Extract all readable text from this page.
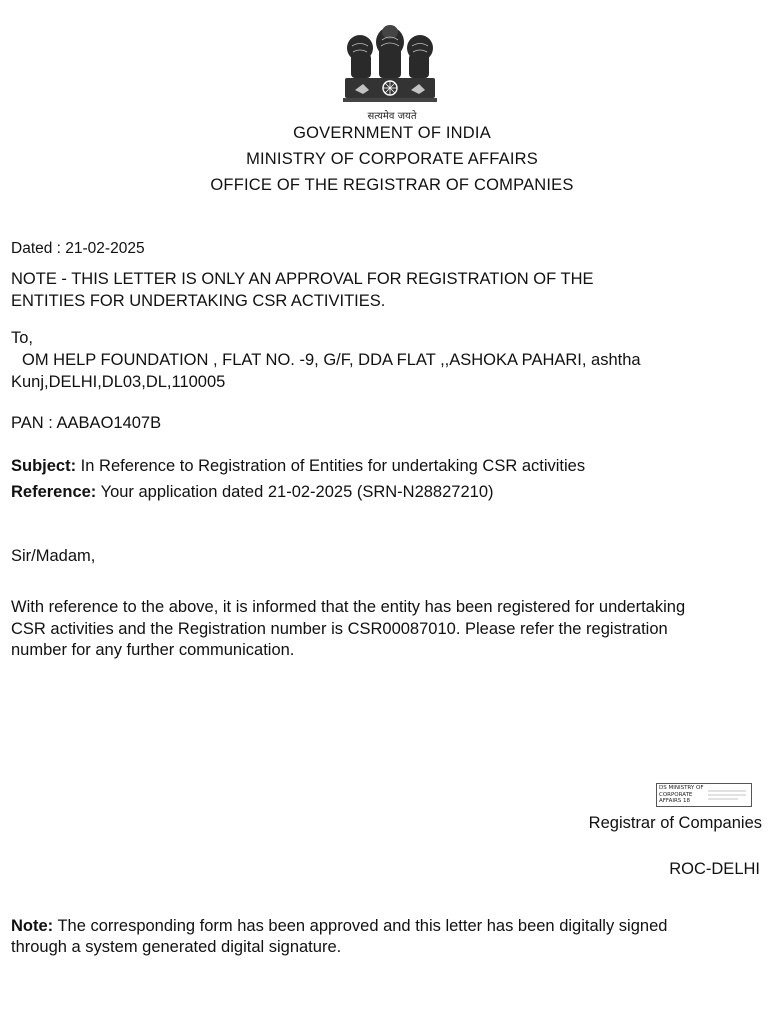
सत्यमेव जयते
GOVERNMENT OF INDIA
MINISTRY OF CORPORATE AFFAIRS
OFFICE OF THE REGISTRAR OF COMPANIES
Dated : 21-02-2025
NOTE - THIS LETTER IS ONLY AN APPROVAL FOR REGISTRATION OF THE
ENTITIES FOR UNDERTAKING CSR ACTIVITIES.
To,
OM HELP FOUNDATION , FLAT NO. -9, G/F, DDA FLAT ,,ASHOKA PAHARI, ashtha
Kunj,DELHI,DL03,DL,110005
PAN : AABAO1407B
Subject: In Reference to Registration of Entities for undertaking CSR activities
Reference: Your application dated 21-02-2025 (SRN-N28827210)
Sir/Madam,
With reference to the above, it is informed that the entity has been registered for undertaking
CSR activities and the Registration number is CSR00087010. Please refer the registration
number for any further communication.
DS MINISTRY OF
CORPORATE
AFFAIRS 18
Registrar of Companies
ROC-DELHI
Note: The corresponding form has been approved and this letter has been digitally signed
through a system generated digital signature.
